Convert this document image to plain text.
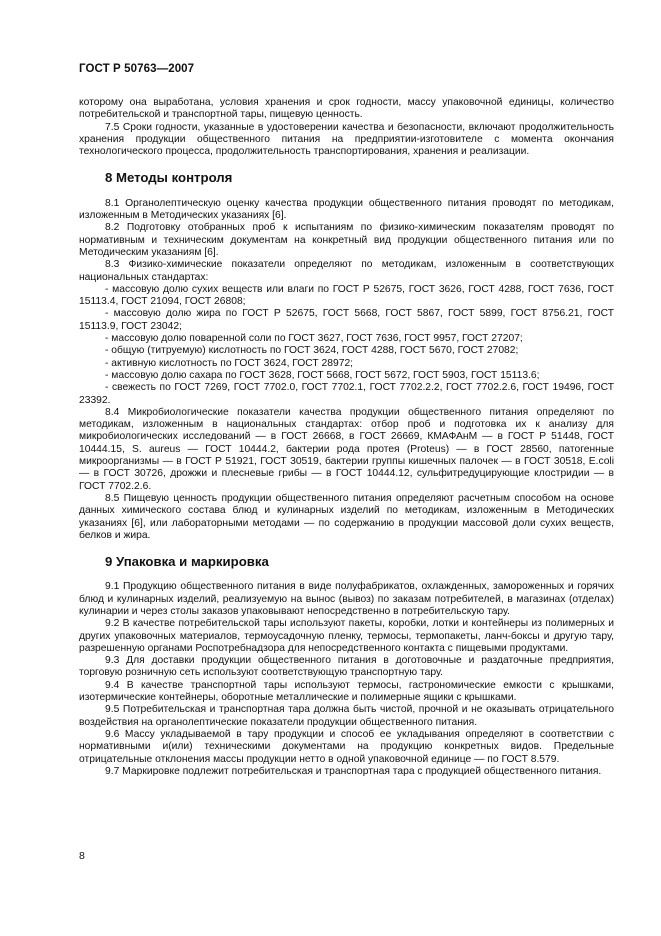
ГОСТ Р 50763—2007

которому она выработана, условия хранения и срок годности, массу упаковочной единицы, количество потребительской и транспортной тары, пищевую ценность.

7.5 Сроки годности, указанные в удостоверении качества и безопасности, включают продолжительность хранения продукции общественного питания на предприятии-изготовителе с момента окончания технологического процесса, продолжительность транспортирования, хранения и реализации.

8 Методы контроля

8.1 Органолептическую оценку качества продукции общественного питания проводят по методикам, изложенным в Методических указаниях [6].

8.2 Подготовку отобранных проб к испытаниям по физико-химическим показателям проводят по нормативным и техническим документам на конкретный вид продукции общественного питания или по Методическим указаниям [6].

8.3 Физико-химические показатели определяют по методикам, изложенным в соответствующих национальных стандартах:

- массовую долю сухих веществ или влаги по ГОСТ Р 52675, ГОСТ 3626, ГОСТ 4288, ГОСТ 7636, ГОСТ 15113.4, ГОСТ 21094, ГОСТ 26808;

- массовую долю жира по ГОСТ Р 52675, ГОСТ 5668, ГОСТ 5867, ГОСТ 5899, ГОСТ 8756.21, ГОСТ 15113.9, ГОСТ 23042;

- массовую долю поваренной соли по ГОСТ 3627, ГОСТ 7636, ГОСТ 9957, ГОСТ 27207;

- общую (титруемую) кислотность по ГОСТ 3624, ГОСТ 4288, ГОСТ 5670, ГОСТ 27082;

- активную кислотность по ГОСТ 3624, ГОСТ 28972;

- массовую долю сахара по ГОСТ 3628, ГОСТ 5668, ГОСТ 5672, ГОСТ 5903, ГОСТ 15113.6;

- свежесть по ГОСТ 7269, ГОСТ 7702.0, ГОСТ 7702.1, ГОСТ 7702.2.2, ГОСТ 7702.2.6, ГОСТ 19496, ГОСТ 23392.

8.4 Микробиологические показатели качества продукции общественного питания определяют по методикам, изложенным в национальных стандартах: отбор проб и подготовка их к анализу для микробиологических исследований — в ГОСТ 26668, в ГОСТ 26669, КМАФАнМ — в ГОСТ Р 51448, ГОСТ 10444.15, S. aureus — ГОСТ 10444.2, бактерии рода протея (Proteus) — в ГОСТ 28560, патогенные микроорганизмы — в ГОСТ Р 51921, ГОСТ 30519, бактерии группы кишечных палочек — в ГОСТ 30518, E.coli — в ГОСТ 30726, дрожжи и плесневые грибы — в ГОСТ 10444.12, сульфитредуцирующие клостридии — в ГОСТ 7702.2.6.

8.5 Пищевую ценность продукции общественного питания определяют расчетным способом на основе данных химического состава блюд и кулинарных изделий по методикам, изложенным в Методических указаниях [6], или лабораторными методами — по содержанию в продукции массовой доли сухих веществ, белков и жира.

9 Упаковка и маркировка

9.1 Продукцию общественного питания в виде полуфабрикатов, охлажденных, замороженных и горячих блюд и кулинарных изделий, реализуемую на вынос (вывоз) по заказам потребителей, в магазинах (отделах) кулинарии и через столы заказов упаковывают непосредственно в потребительскую тару.

9.2 В качестве потребительской тары используют пакеты, коробки, лотки и контейнеры из полимерных и других упаковочных материалов, термоусадочную пленку, термосы, термопакеты, ланч-боксы и другую тару, разрешенную органами Роспотребнадзора для непосредственного контакта с пищевыми продуктами.

9.3 Для доставки продукции общественного питания в доготовочные и раздаточные предприятия, торговую розничную сеть используют соответствующую транспортную тару.

9.4 В качестве транспортной тары используют термосы, гастрономические емкости с крышками, изотермические контейнеры, оборотные металлические и полимерные ящики с крышками.

9.5 Потребительская и транспортная тара должна быть чистой, прочной и не оказывать отрицательного воздействия на органолептические показатели продукции общественного питания.

9.6 Массу укладываемой в тару продукции и способ ее укладывания определяют в соответствии с нормативными и(или) техническими документами на продукцию конкретных видов. Предельные отрицательные отклонения массы продукции нетто в одной упаковочной единице — по ГОСТ 8.579.

9.7 Маркировке подлежит потребительская и транспортная тара с продукцией общественного питания.

8
